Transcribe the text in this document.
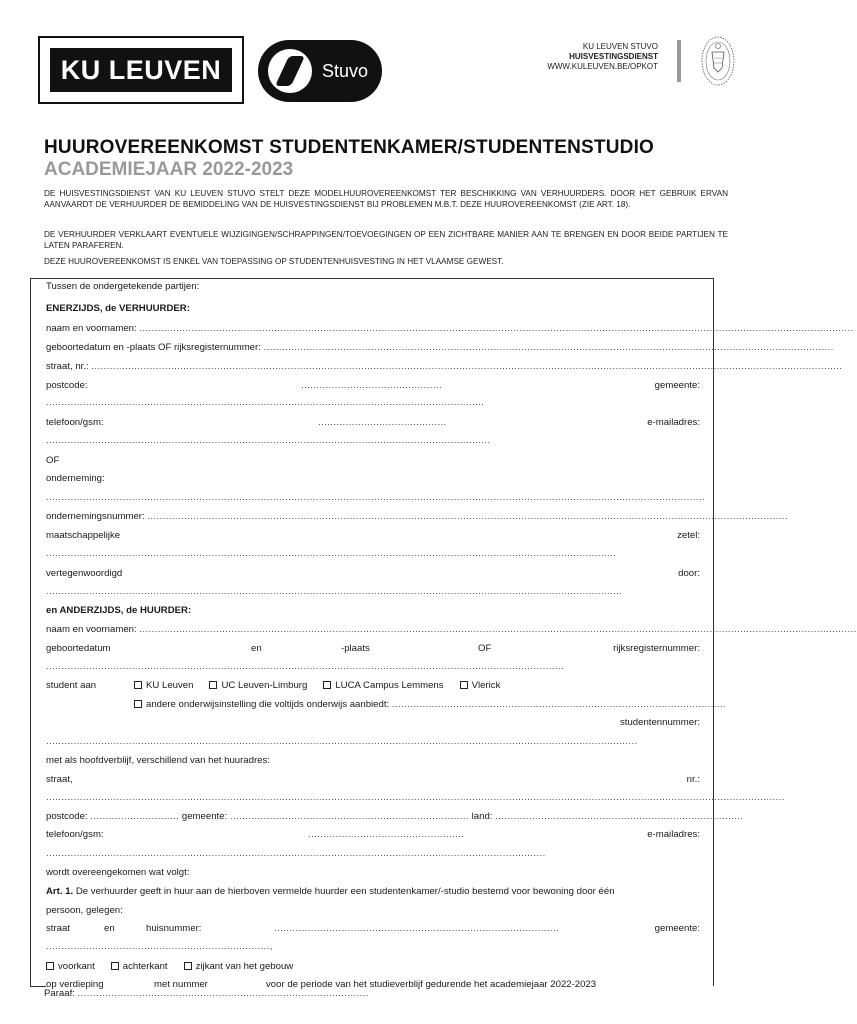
KU LEUVEN	Stuvo
KU LEUVEN STUVO
HUISVESTINGSDIENST
WWW.KULEUVEN.BE/OPKOT
HUUROVEREENKOMST STUDENTENKAMER/STUDENTENSTUDIO
ACADEMIEJAAR 2022-2023
DE HUISVESTINGSDIENST VAN KU LEUVEN STUVO STELT DEZE MODELHUUROVEREENKOMST TER BESCHIKKING VAN VERHUURDERS. DOOR HET GEBRUIK ERVAN AANVAARDT DE VERHUURDER DE BEMIDDELING VAN DE HUISVESTINGSDIENST BIJ PROBLEMEN M.B.T. DEZE HUUROVEREENKOMST (ZIE ART. 18).
DE VERHUURDER VERKLAART EVENTUELE WIJZIGINGEN/SCHRAPPINGEN/TOEVOEGINGEN OP EEN ZICHTBARE MANIER AAN TE BRENGEN EN DOOR BEIDE PARTIJEN TE LATEN PARAFEREN.
DEZE HUUROVEREENKOMST IS ENKEL VAN TOEPASSING OP STUDENTENHUISVESTING IN HET VLAAMSE GEWEST.
Tussen de ondergetekende partijen:
ENERZIJDS, de VERHUURDER:
naam en voornamen: .........................................................................................................................................................................................................................................
geboortedatum en -plaats OF rijksregisternummer: ..........................................................................................................................................................................................
straat, nr.: .....................................................................................................................................................................................................................................................
postcode:	..............................................	gemeente:
...............................................................................................................................................
telefoon/gsm:	..........................................	e-mailadres:
.................................................................................................................................................
OF
onderneming:
.......................................................................................................................................................................................................................
ondernemingsnummer: .................................................................................................................................................................................................................
maatschappelijke	zetel:
..........................................................................................................................................................................................
vertegenwoordigd	door:
............................................................................................................................................................................................
en ANDERZIJDS, de HUURDER:
naam en voornamen: ..........................................................................................................................................................................................................................................
geboortedatum	en	-plaats	OF	rijksregisternummer:
.........................................................................................................................................................................
student aan	KU Leuven	UC Leuven-Limburg	LUCA Campus Lemmens	Vlerick
andere onderwijsinstelling die voltijds onderwijs aanbiedt: .............................................................................................................
studentennummer:
.................................................................................................................................................................................................
met als hoofdverblijf, verschillend van het huuradres:
straat,	nr.:
.................................................................................................................................................................................................................................................
postcode: ............................. gemeente: .............................................................................. land: .................................................................................
telefoon/gsm:	...................................................	e-mailadres:
...................................................................................................................................................................
wordt overeengekomen wat volgt:
Art. 1. De verhuurder geeft in huur aan de hierboven vermelde huurder een studentenkamer/-studio bestemd voor bewoning door één
persoon, gelegen:
straat	en	huisnummer:	.............................................................................................	gemeente:
.........................................................................,
voorkant	achterkant	zijkant van het gebouw
op verdieping	met nummer	voor de periode van het studieverblijf gedurende het academiejaar 2022-2023
Paraaf: ...............................................................................................
